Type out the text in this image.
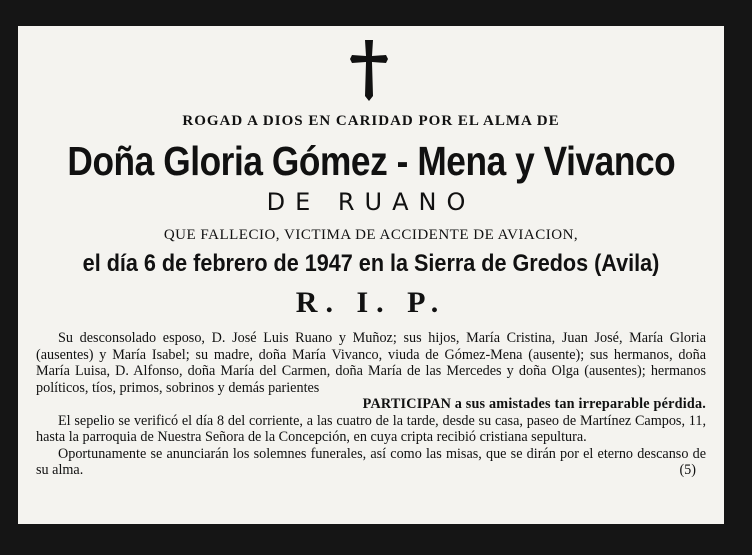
ROGAD A DIOS EN CARIDAD POR EL ALMA DE
Doña Gloria Gómez - Mena y Vivanco
DE RUANO
QUE FALLECIO, VICTIMA DE ACCIDENTE DE AVIACION,
el día 6 de febrero de 1947 en la Sierra de Gredos (Avila)
R. I. P.

Su desconsolado esposo, D. José Luis Ruano y Muñoz; sus hijos, María Cristina, Juan José, María Gloria (ausentes) y María Isabel; su madre, doña María Vivanco, viuda de Gómez-Mena (ausente); sus hermanos, doña María Luisa, D. Alfonso, doña María del Carmen, doña María de las Mercedes y doña Olga (ausentes); hermanos políticos, tíos, primos, sobrinos y demás parientes

PARTICIPAN a sus amistades tan irreparable pérdida.

El sepelio se verificó el día 8 del corriente, a las cuatro de la tarde, desde su casa, paseo de Martínez Campos, 11, hasta la parroquia de Nuestra Señora de la Concepción, en cuya cripta recibió cristiana sepultura.

Oportunamente se anunciarán los solemnes funerales, así como las misas, que se dirán por el eterno descanso de su alma.	(5)
